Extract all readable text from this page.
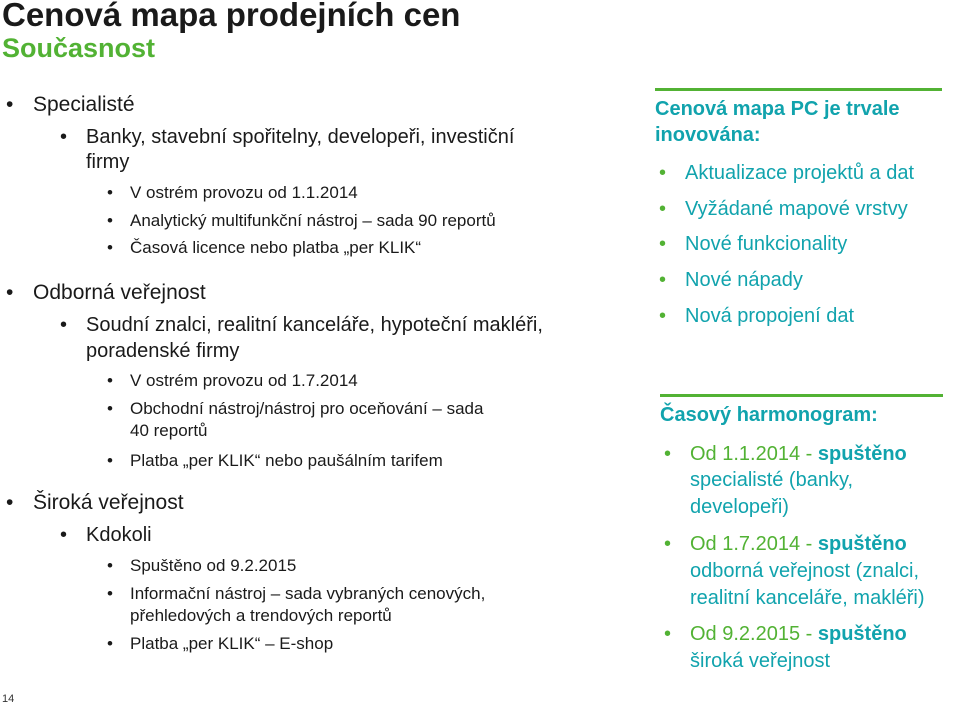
Cenová mapa prodejních cen
Současnost
• Specialisté
• Banky, stavební spořitelny, developeři, investiční
firmy
• V ostrém provozu od 1.1.2014
• Analytický multifunkční nástroj – sada 90 reportů
• Časová licence nebo platba „per KLIK“
• Odborná veřejnost
• Soudní znalci, realitní kanceláře, hypoteční makléři,
poradenské firmy
• V ostrém provozu od 1.7.2014
• Obchodní nástroj/nástroj pro oceňování – sada
40 reportů
• Platba „per KLIK“ nebo paušálním tarifem
• Široká veřejnost
• Kdokoli
• Spuštěno od 9.2.2015
• Informační nástroj – sada vybraných cenových,
přehledových a trendových reportů
• Platba „per KLIK“ – E-shop
Cenová mapa PC je trvale
inovována:
• Aktualizace projektů a dat
• Vyžádané mapové vrstvy
• Nové funkcionality
• Nové nápady
• Nová propojení dat
Časový harmonogram:
• Od 1.1.2014 - spuštěno
specialisté (banky,
developeři)
• Od 1.7.2014 - spuštěno
odborná veřejnost (znalci,
realitní kanceláře, makléři)
• Od 9.2.2015 - spuštěno
široká veřejnost
14
